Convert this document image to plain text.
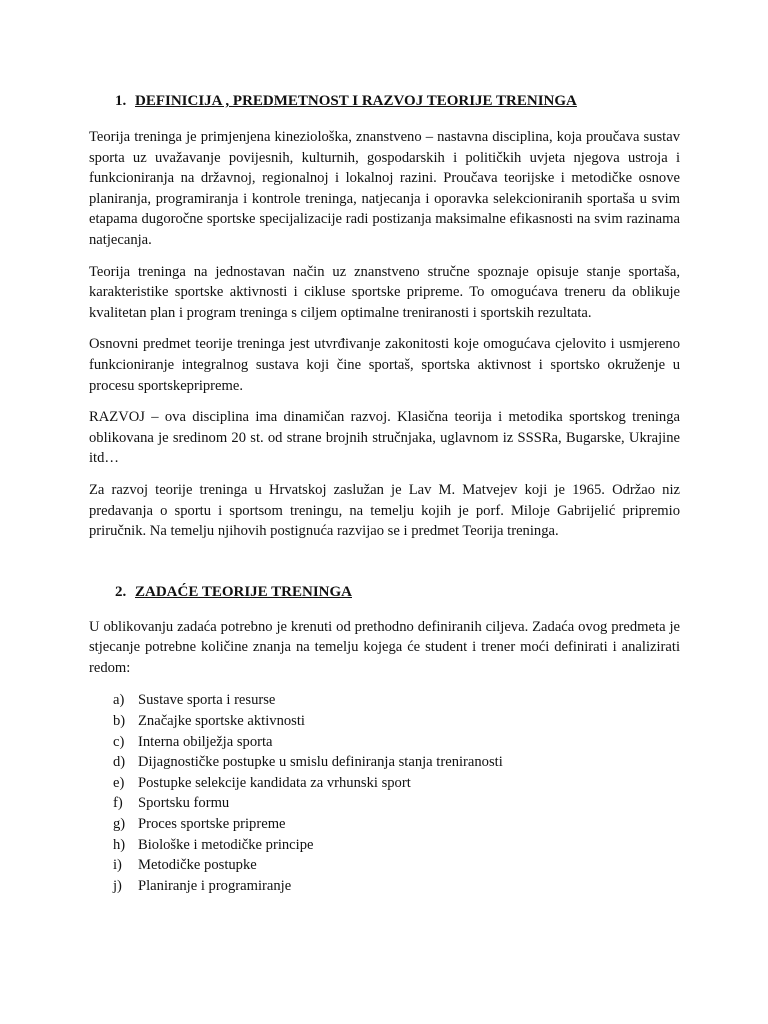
1. DEFINICIJA , PREDMETNOST I RAZVOJ TEORIJE TRENINGA

Teorija treninga je primjenjena kineziološka, znanstveno – nastavna disciplina, koja proučava sustav sporta uz uvažavanje povijesnih, kulturnih, gospodarskih i političkih uvjeta njegova ustroja i funkcioniranja na državnoj, regionalnoj i lokalnoj razini. Proučava teorijske i metodičke osnove planiranja, programiranja i kontrole treninga, natjecanja i oporavka selekcioniranih sportaša u svim etapama dugoročne sportske specijalizacije radi postizanja maksimalne efikasnosti na svim razinama natjecanja.

Teorija treninga na jednostavan način uz znanstveno stručne spoznaje opisuje stanje sportaša, karakteristike sportske aktivnosti i cikluse sportske pripreme. To omogućava treneru da oblikuje kvalitetan plan i program treninga s ciljem optimalne treniranosti i sportskih rezultata.

Osnovni predmet teorije treninga jest utvrđivanje zakonitosti koje omogućava cjelovito i usmjereno funkcioniranje integralnog sustava koji čine sportaš, sportska aktivnost i sportsko okruženje u procesu sportskepripreme.

RAZVOJ – ova disciplina ima dinamičan razvoj. Klasična teorija i metodika sportskog treninga oblikovana je sredinom 20 st. od strane brojnih stručnjaka, uglavnom iz SSSRa, Bugarske, Ukrajine itd…

Za razvoj teorije treninga u Hrvatskoj zaslužan je Lav M. Matvejev koji je 1965. Održao niz predavanja o sportu i sportsom treningu, na temelju kojih je porf. Miloje Gabrijelić pripremio priručnik. Na temelju njihovih postignuća razvijao se i predmet Teorija treninga.

2. ZADAĆE TEORIJE TRENINGA

U oblikovanju zadaća potrebno je krenuti od prethodno definiranih ciljeva. Zadaća ovog predmeta je stjecanje potrebne količine znanja na temelju kojega će student i trener moći definirati i analizirati redom:

a) Sustave sporta i resurse
b) Značajke sportske aktivnosti
c) Interna obilježja sporta
d) Dijagnostičke postupke u smislu definiranja stanja treniranosti
e) Postupke selekcije kandidata za vrhunski sport
f)	Sportsku formu
g) Proces sportske pripreme
h) Biološke i metodičke principe
i)	Metodičke postupke
j)	Planiranje i programiranje
